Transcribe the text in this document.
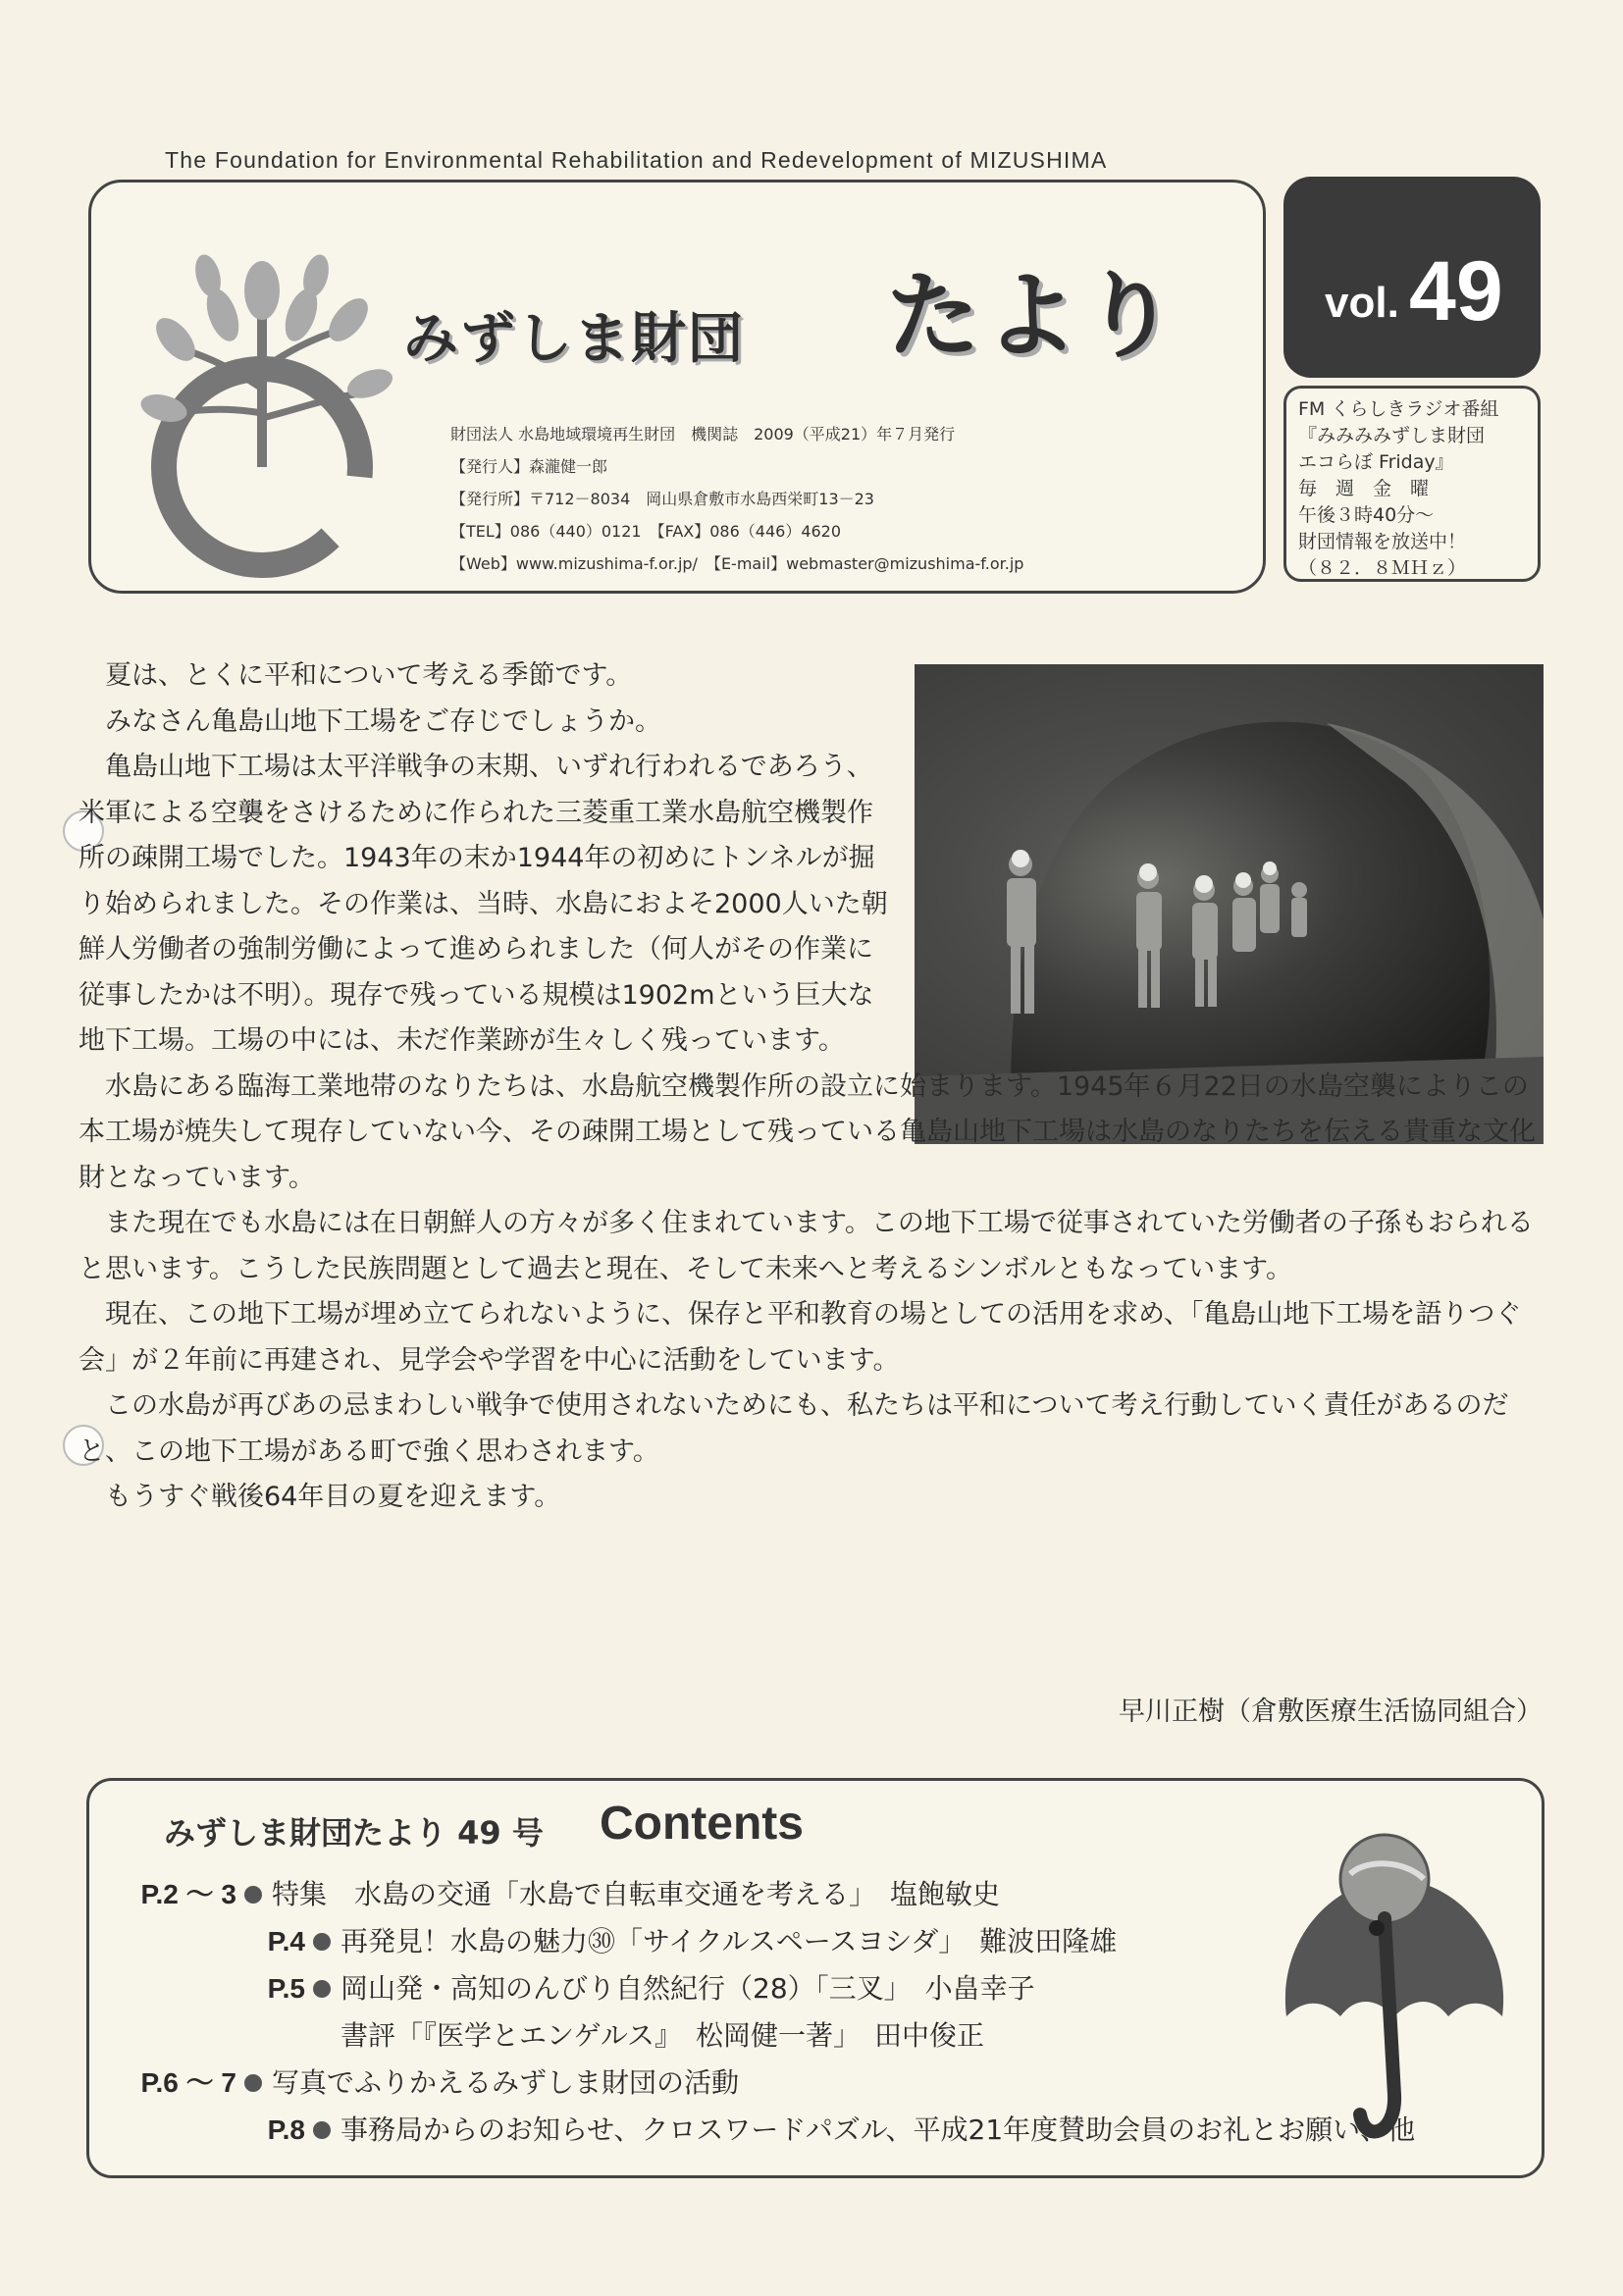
The Foundation for Environmental Rehabilitation and Redevelopment of MIZUSHIMA
みずしま財団 たより
財団法人 水島地域環境再生財団　機関誌　2009（平成21）年７月発行
【発行人】森瀧健一郎
【発行所】〒712－8034　岡山県倉敷市水島西栄町13－23
【TEL】086（440）0121　【FAX】086（446）4620
【Web】www.mizushima-f.or.jp/　【E-mail】webmaster@mizushima-f.or.jp
vol. 49
FM くらしきラジオ番組
『みみみみずしま財団
エコらぼ Friday』
毎　週　金　曜
午後３時40分～
財団情報を放送中！
（８２．８ＭＨｚ）

夏は、とくに平和について考える季節です。

みなさん亀島山地下工場をご存じでしょうか。

亀島山地下工場は太平洋戦争の末期、いずれ行われるであろう、米軍による空襲をさけるために作られた三菱重工業水島航空機製作所の疎開工場でした。1943年の末か1944年の初めにトンネルが掘り始められました。その作業は、当時、水島におよそ2000人いた朝鮮人労働者の強制労働によって進められました（何人がその作業に従事したかは不明）。現存で残っている規模は1902mという巨大な地下工場。工場の中には、未だ作業跡が生々しく残っています。

水島にある臨海工業地帯のなりたちは、水島航空機製作所の設立に始まります。1945年６月22日の水島空襲によりこの本工場が焼失して現存していない今、その疎開工場として残っている亀島山地下工場は水島のなりたちを伝える貴重な文化財となっています。

また現在でも水島には在日朝鮮人の方々が多く住まれています。この地下工場で従事されていた労働者の子孫もおられると思います。こうした民族問題として過去と現在、そして未来へと考えるシンボルともなっています。

現在、この地下工場が埋め立てられないように、保存と平和教育の場としての活用を求め、「亀島山地下工場を語りつぐ会」が２年前に再建され、見学会や学習を中心に活動をしています。

この水島が再びあの忌まわしい戦争で使用されないためにも、私たちは平和について考え行動していく責任があるのだと、この地下工場がある町で強く思わされます。

もうすぐ戦後64年目の夏を迎えます。

早川正樹（倉敷医療生活協同組合）
みずしま財団たより 49 号 Contents
P.2 ～ 3 特集　水島の交通「水島で自転車交通を考える」　塩飽敏史
P.4 再発見！水島の魅力㉚「サイクルスペースヨシダ」　難波田隆雄
P.5 岡山発・高知のんびり自然紀行（28）「三叉」　小畠幸子
書評「『医学とエンゲルス』　松岡健一著」　田中俊正
P.6 ～ 7 写真でふりかえるみずしま財団の活動
P.8 事務局からのお知らせ、クロスワードパズル、平成21年度賛助会員のお礼とお願い、他
